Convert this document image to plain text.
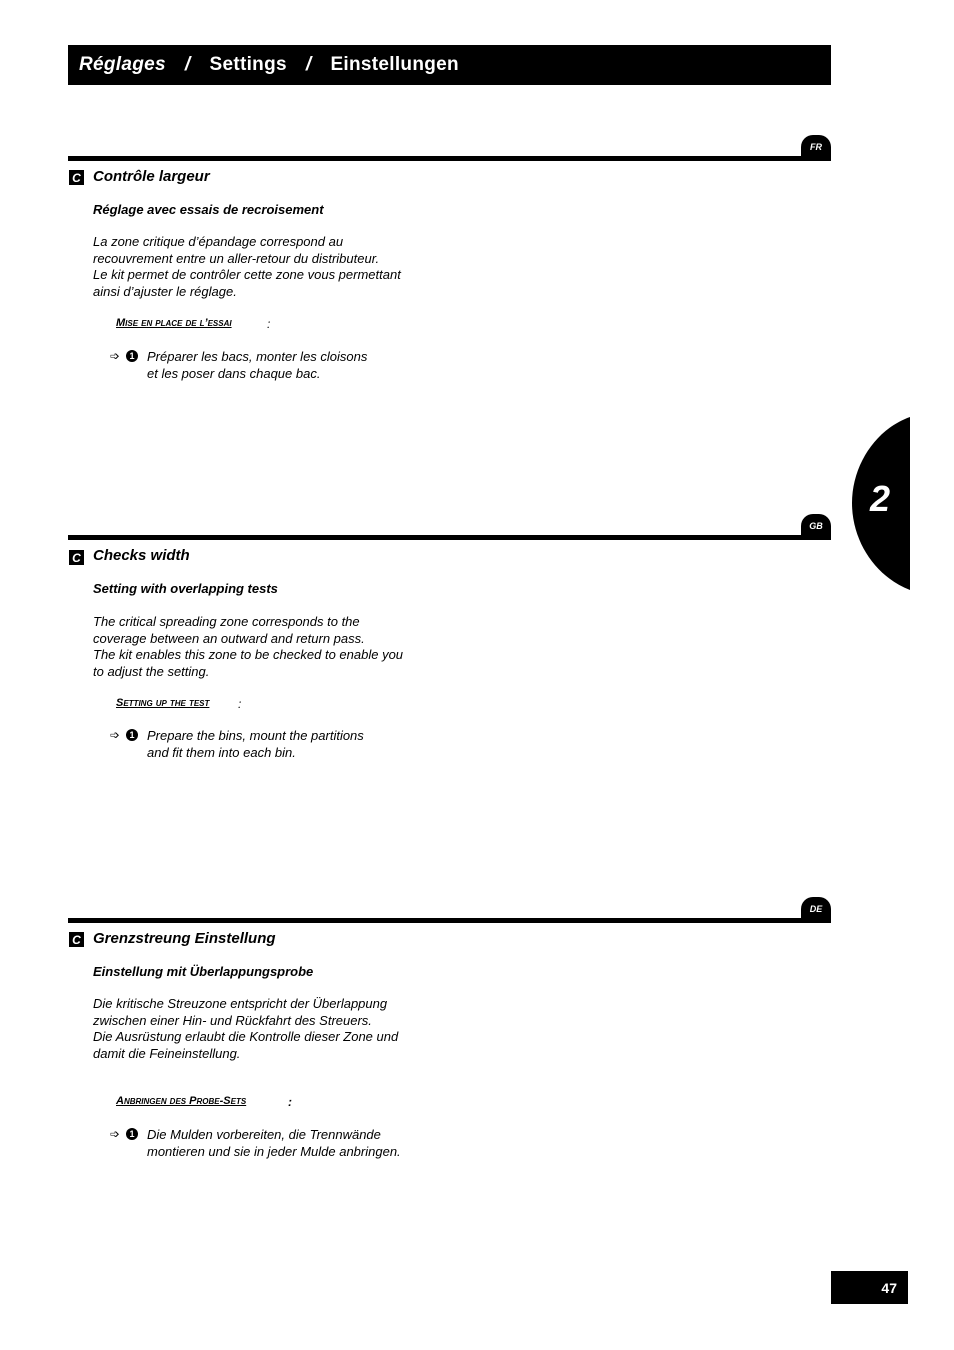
Réglages / Settings / Einstellungen
FR
C Contrôle largeur
Réglage avec essais de recroisement
La zone critique d’épandage correspond au
recouvrement entre un aller-retour du distributeur.
Le kit permet de contrôler cette zone vous permettant
ainsi d’ajuster le réglage.
Mise en place de l’essai	:
➩	1 Préparer les bacs, monter les cloisons
et les poser dans chaque bac.
GB
C Checks width
Setting with overlapping tests
The critical spreading zone corresponds to the
coverage between an outward and return pass.
The kit enables this zone to be checked to enable you
to adjust the setting.
Setting up the test :
➩	1 Prepare the bins, mount the partitions
and fit them into each bin.
DE
C Grenzstreung Einstellung
Einstellung mit Überlappungsprobe
Die kritische Streuzone entspricht der Überlappung
zwischen einer Hin- und Rückfahrt des Streuers.
Die Ausrüstung erlaubt die Kontrolle dieser Zone und
damit die Feineinstellung.
Anbringen des Probe-Sets	:
➩	1 Die Mulden vorbereiten, die Trennwände
montieren und sie in jeder Mulde anbringen.
2
47
